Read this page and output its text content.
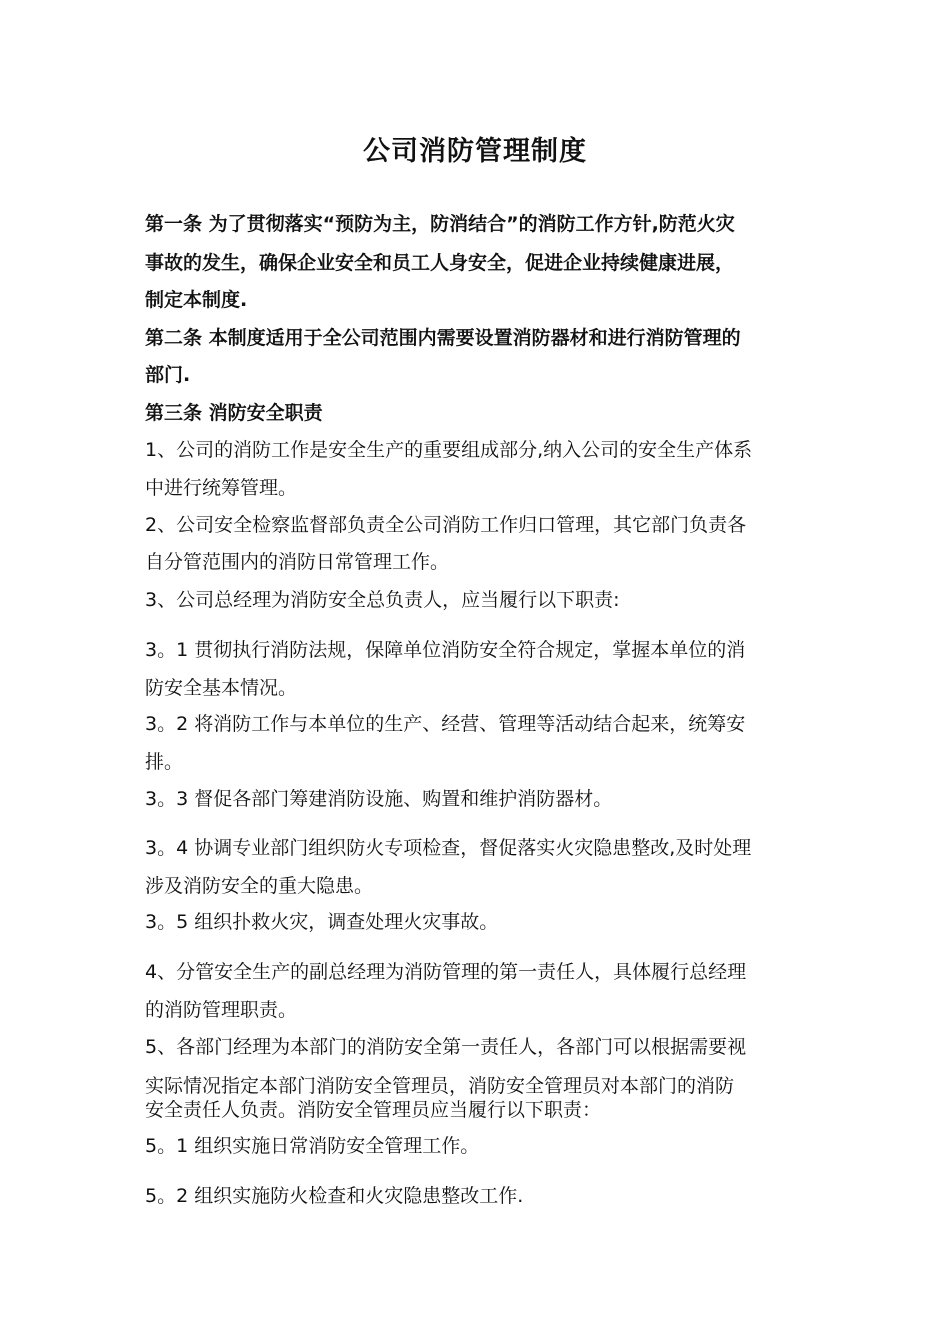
公司消防管理制度
第一条 为了贯彻落实“预防为主，防消结合”的消防工作方针,防范火灾
事故的发生，确保企业安全和员工人身安全，促进企业持续健康进展，
制定本制度.
第二条 本制度适用于全公司范围内需要设置消防器材和进行消防管理的
部门.
第三条 消防安全职责
1、公司的消防工作是安全生产的重要组成部分,纳入公司的安全生产体系
中进行统筹管理。
2、公司安全检察监督部负责全公司消防工作归口管理，其它部门负责各
自分管范围内的消防日常管理工作。
3、公司总经理为消防安全总负责人，应当履行以下职责:
3。1 贯彻执行消防法规，保障单位消防安全符合规定，掌握本单位的消
防安全基本情况。
3。2 将消防工作与本单位的生产、经营、管理等活动结合起来，统筹安
排。
3。3 督促各部门筹建消防设施、购置和维护消防器材。
3。4 协调专业部门组织防火专项检查，督促落实火灾隐患整改,及时处理
涉及消防安全的重大隐患。
3。5 组织扑救火灾，调查处理火灾事故。
4、分管安全生产的副总经理为消防管理的第一责任人，具体履行总经理
的消防管理职责。
5、各部门经理为本部门的消防安全第一责任人，各部门可以根据需要视
实际情况指定本部门消防安全管理员，消防安全管理员对本部门的消防
安全责任人负责。消防安全管理员应当履行以下职责：
5。1 组织实施日常消防安全管理工作。
5。2 组织实施防火检查和火灾隐患整改工作.
